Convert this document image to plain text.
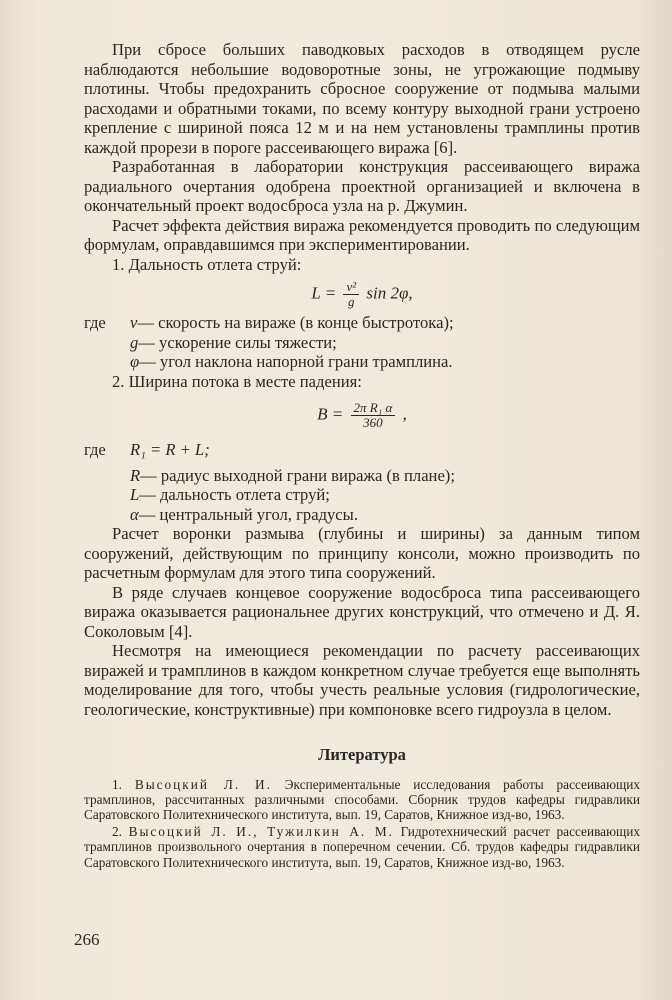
При сбросе больших паводковых расходов в отводящем русле наблюдаются небольшие водоворотные зоны, не угрожающие подмыву плотины. Чтобы предохранить сбросное сооружение от подмыва малыми расходами и обратными токами, по всему контуру выходной грани устроено крепление с шириной пояса 12 м и на нем установлены трамплины против каждой прорези в пороге рассеивающего виража [6].

Разработанная в лаборатории конструкция рассеивающего виража радиального очертания одобрена проектной организацией и включена в окончательный проект водосброса узла на р. Джумин.

Расчет эффекта действия виража рекомендуется проводить по следующим формулам, оправдавшимся при экспериментировании.

1. Дальность отлета струй:

$L = \frac{\text{v²}}{g}$ sin 2φ,
где	v— скорость на вираже (в конце быстротока);
g— ускорение силы тяжести;
φ— угол наклона напорной грани трамплина.

2. Ширина потока в месте падения:

$B = \frac{\text{2π R₁ α}}{360}$ ,
где	R₁ = R + L;
R— радиус выходной грани виража (в плане);
L— дальность отлета струй;
α— центральный угол, градусы.

Расчет воронки размыва (глубины и ширины) за данным типом сооружений, действующим по принципу консоли, можно производить по расчетным формулам для этого типа сооружений.

В ряде случаев концевое сооружение водосброса типа рассеивающего виража оказывается рациональнее других конструкций, что отмечено и Д. Я. Соколовым [4].

Несмотря на имеющиеся рекомендации по расчету рассеивающих виражей и трамплинов в каждом конкретном случае требуется еще выполнять моделирование для того, чтобы учесть реальные условия (гидрологические, геологические, конструктивные) при компоновке всего гидроузла в целом.

Литература

1. Высоцкий Л. И. Экспериментальные исследования работы рассеивающих трамплинов, рассчитанных различными способами. Сборник трудов кафедры гидравлики Саратовского Политехнического института, вып. 19, Саратов, Книжное изд-во, 1963.

2. Высоцкий Л. И., Тужилкин А. М. Гидротехнический расчет рассеивающих трамплинов произвольного очертания в поперечном сечении. Сб. трудов кафедры гидравлики Саратовского Политехнического института, вып. 19, Саратов, Книжное изд-во, 1963.

266
